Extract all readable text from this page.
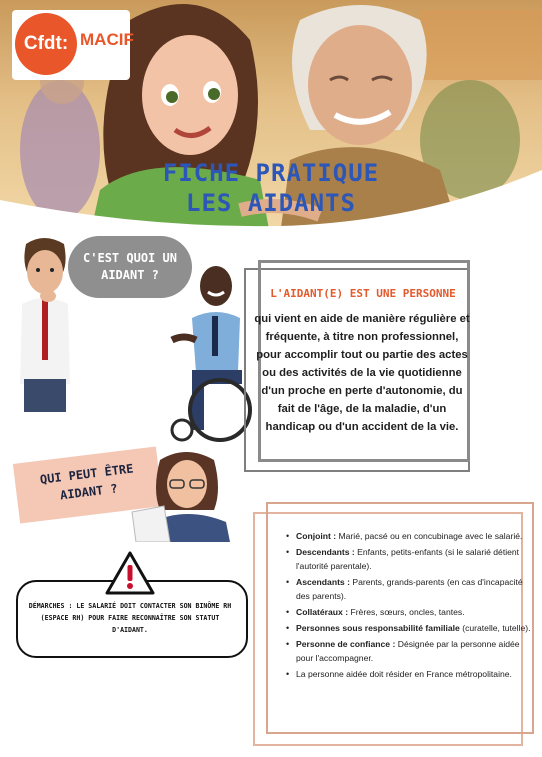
Cfdt: MACIF
FICHE PRATIQUE
LES AIDANTS
C'EST QUOI UN AIDANT ?
L'AIDANT(E) EST UNE PERSONNE
qui vient en aide de manière régulière et fréquente, à titre non professionnel, pour accomplir tout ou partie des actes ou des activités de la vie quotidienne d'un proche en perte d'autonomie, du fait de l'âge, de la maladie, d'un handicap ou d'un accident de la vie.
QUI PEUT ÊTRE AIDANT ?
DÉMARCHES : LE SALARIÉ DOIT CONTACTER SON BINÔME RH (ESPACE RH) POUR FAIRE RECONNAÎTRE SON STATUT D'AIDANT.
• Conjoint : Marié, pacsé ou en concubinage avec le salarié.
• Descendants : Enfants, petits-enfants (si le salarié détient l'autorité parentale).
• Ascendants : Parents, grands-parents (en cas d'incapacité des parents).
• Collatéraux : Frères, sœurs, oncles, tantes.
• Personnes sous responsabilité familiale (curatelle, tutelle).
• Personne de confiance : Désignée par la personne aidée pour l'accompagner.
• La personne aidée doit résider en France métropolitaine.
